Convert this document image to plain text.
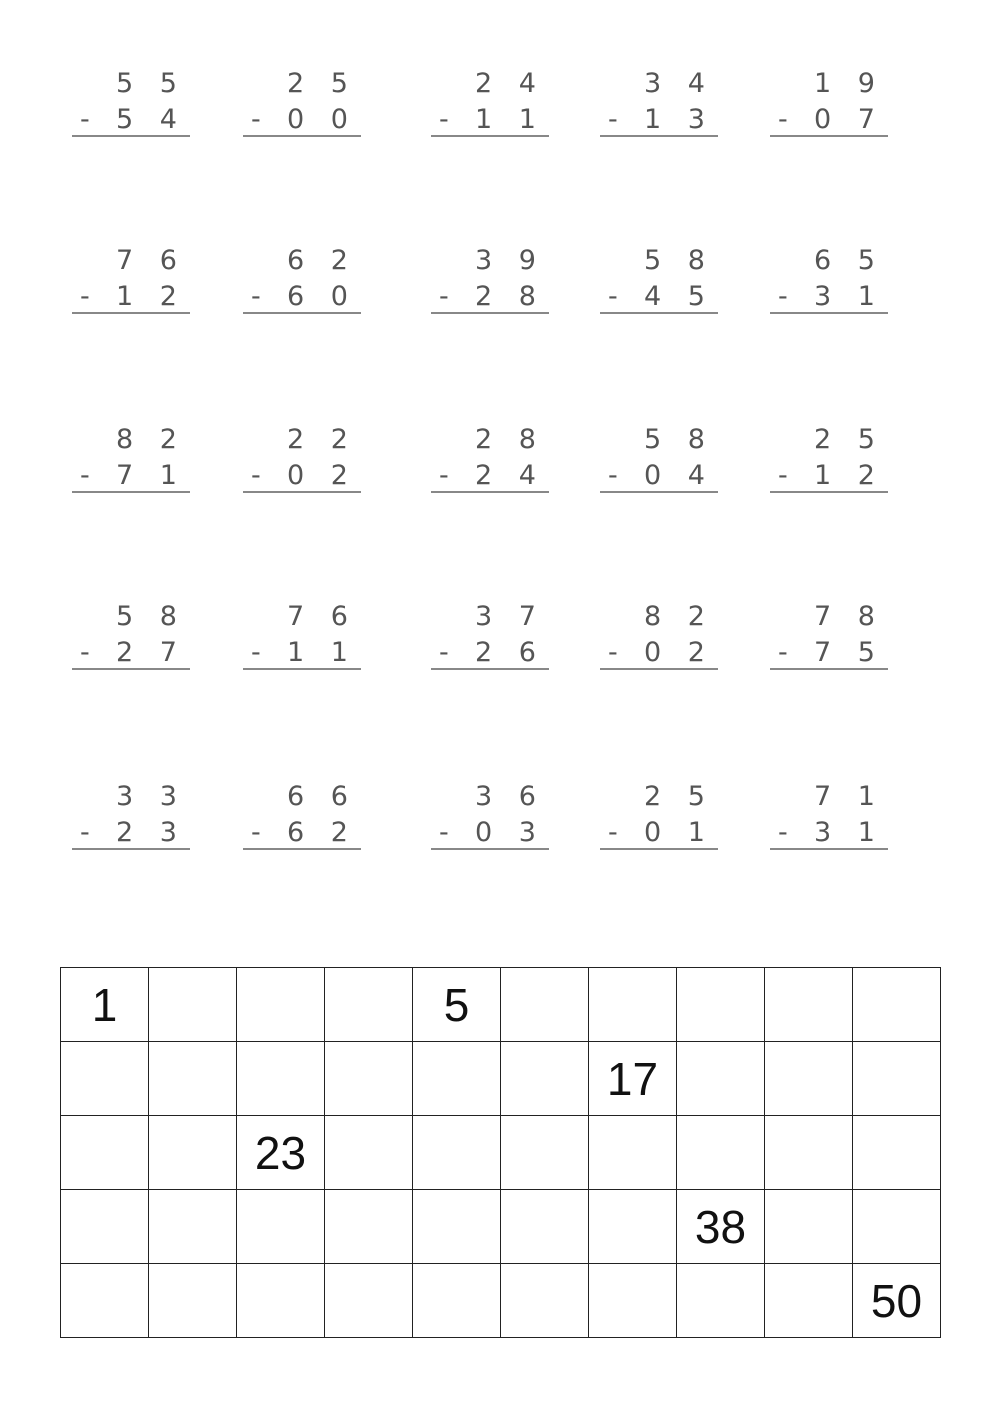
5 5
- 5 4
2 5
- 0 0
2 4
- 1 1
3 4
- 1 3
1 9
- 0 7
7 6
- 1 2
6 2
- 6 0
3 9
- 2 8
5 8
- 4 5
6 5
- 3 1
8 2
- 7 1
2 2
- 0 2
2 8
- 2 4
5 8
- 0 4
2 5
- 1 2
5 8
- 2 7
7 6
- 1 1
3 7
- 2 6
8 2
- 0 2
7 8
- 7 5
3 3
- 2 3
6 6
- 6 2
3 6
- 0 3
2 5
- 0 1
7 1
- 3 1
1				5					
						17			
		23							
							38		
									50
